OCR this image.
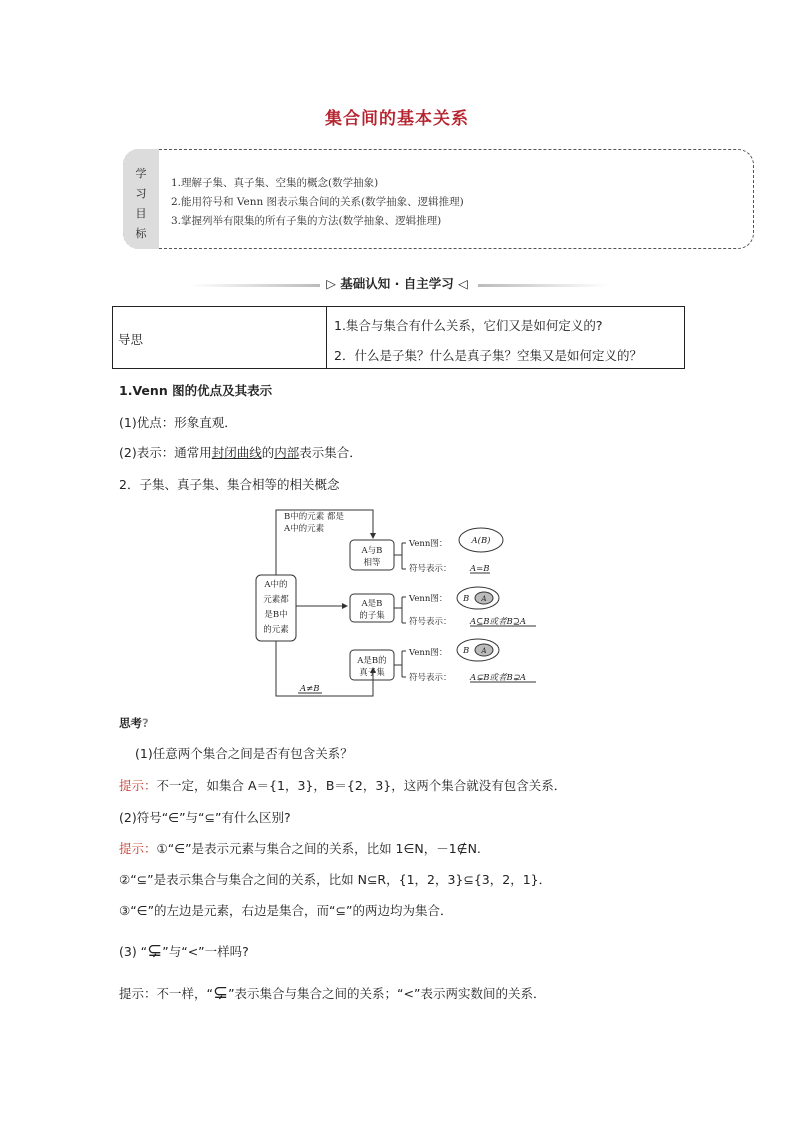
集合间的基本关系
学
习
目
标
1.理解子集、真子集、空集的概念(数学抽象)
2.能用符号和 Venn 图表示集合间的关系(数学抽象、逻辑推理)
3.掌握列举有限集的所有子集的方法(数学抽象、逻辑推理)
▷ 基础认知 · 自主学习 ◁
导思
1.集合与集合有什么关系，它们又是如何定义的?
2．什么是子集？什么是真子集？空集又是如何定义的？
1.Venn 图的优点及其表示
(1)优点：形象直观．
(2)表示：通常用封闭曲线的内部表示集合．
2．子集、真子集、集合相等的相关概念
B中的元素 都是
A中的元素
A中的
元素都
是B中
的元素
A与B
相等
A是B
的子集
A是B的
真子集
Venn图：
符号表示：
Venn图：
符号表示：
Venn图：
符号表示：
A(B)
B A
B A
A=B
A⊆B或者B⊇A
A⊊B或者B⊋A
A≠B
思考?
(1)任意两个集合之间是否有包含关系？
提示：不一定，如集合 A＝{1，3}，B＝{2，3}，这两个集合就没有包含关系．
(2)符号“∈”与“⊆”有什么区别?
提示：①“∈”是表示元素与集合之间的关系，比如 1∈N，－1∉N.
②“⊆”是表示集合与集合之间的关系，比如 N⊆R，{1，2，3}⊆{3，2，1}．
③“∈”的左边是元素，右边是集合，而“⊆”的两边均为集合．
(3) “⊊”与“<”一样吗?
提示：不一样，“⊊”表示集合与集合之间的关系；“<”表示两实数间的关系．
